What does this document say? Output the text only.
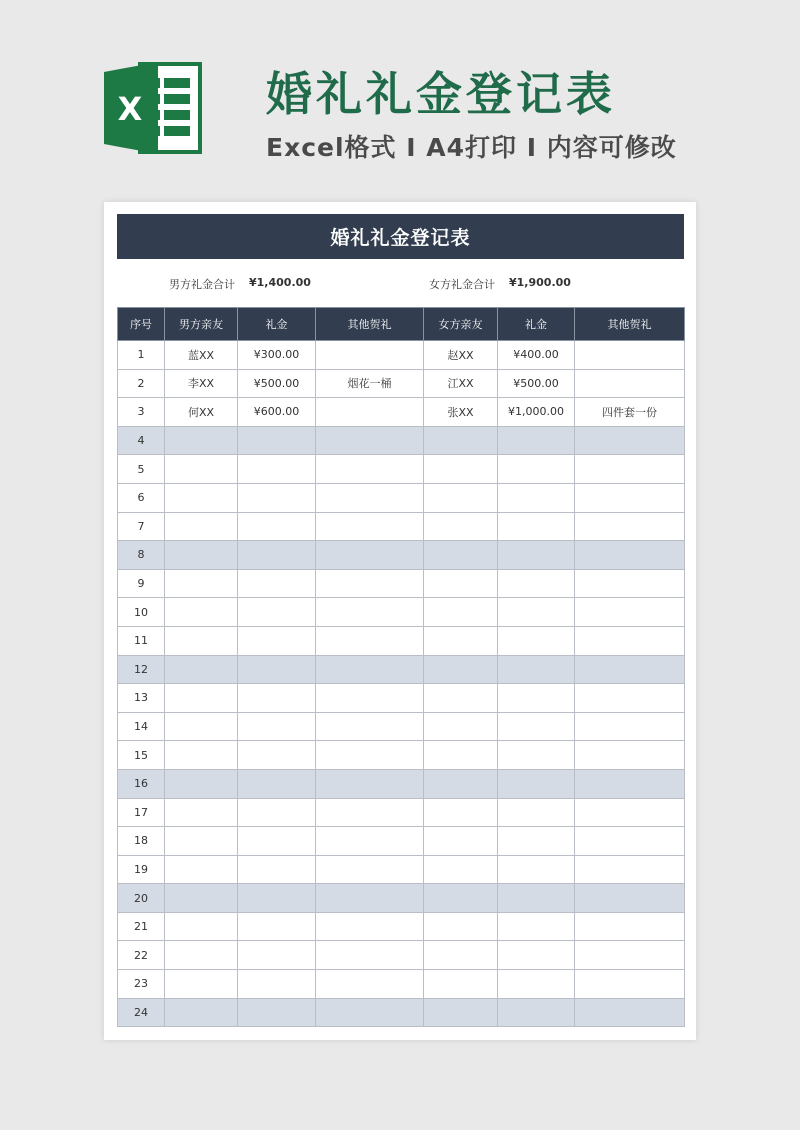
X	婚礼礼金登记表
Excel格式 I A4打印 I 内容可修改
婚礼礼金登记表
男方礼金合计 ¥1,400.00	女方礼金合计 ¥1,900.00
序号	男方亲友	礼金	其他贺礼	女方亲友	礼金	其他贺礼
1	蓝XX	¥300.00		赵XX	¥400.00	
2	李XX	¥500.00	烟花一桶	江XX	¥500.00	
3	何XX	¥600.00		张XX	¥1,000.00	四件套一份
4						
5						
6						
7						
8						
9						
10						
11						
12						
13						
14						
15						
16						
17						
18						
19						
20						
21						
22						
23						
24						
